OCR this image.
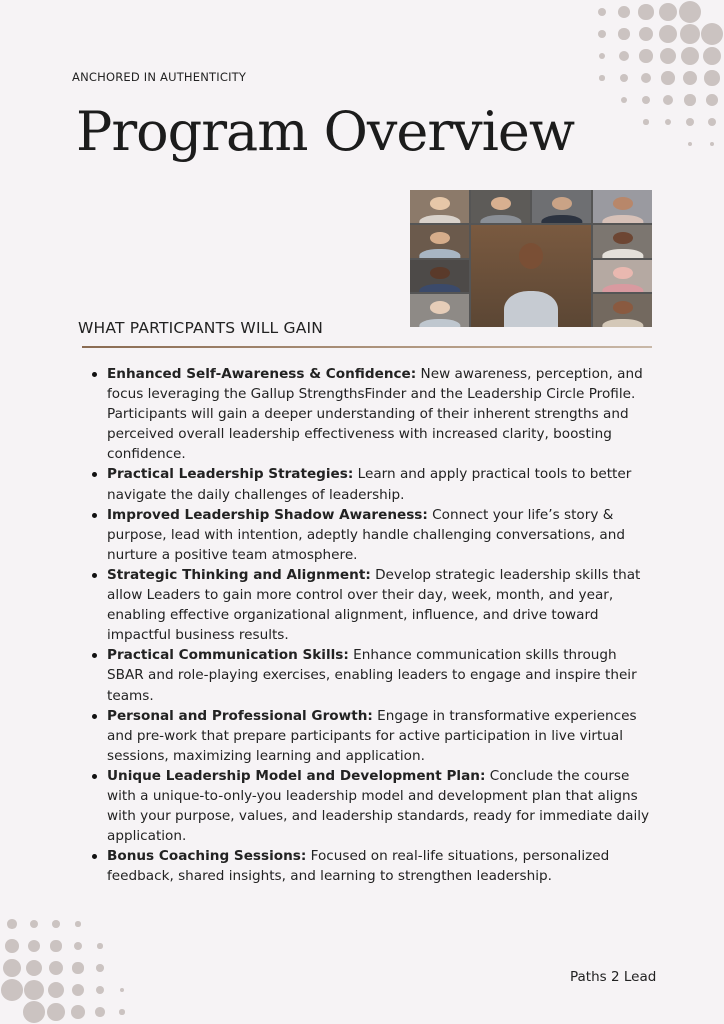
ANCHORED IN AUTHENTICITY
Program Overview
WHAT PARTICPANTS WILL GAIN
Enhanced Self-Awareness & Confidence: New awareness, perception, and focus leveraging the Gallup StrengthsFinder and the Leadership Circle Profile. Participants will gain a deeper understanding of their inherent strengths and perceived overall leadership effectiveness with increased clarity, boosting confidence.
Practical Leadership Strategies: Learn and apply practical tools to better navigate the daily challenges of leadership.
Improved Leadership Shadow Awareness: Connect your life’s story & purpose, lead with intention, adeptly handle challenging conversations, and nurture a positive team atmosphere.
Strategic Thinking and Alignment: Develop strategic leadership skills that allow Leaders to gain more control over their day, week, month, and year, enabling effective organizational alignment, influence, and drive toward impactful business results.
Practical Communication Skills: Enhance communication skills through SBAR and role-playing exercises, enabling leaders to engage and inspire their teams.
Personal and Professional Growth: Engage in transformative experiences and pre-work that prepare participants for active participation in live virtual sessions, maximizing learning and application.
Unique Leadership Model and Development Plan: Conclude the course with a unique-to-only-you leadership model and development plan that aligns with your purpose, values, and leadership standards, ready for immediate daily application.
Bonus Coaching Sessions: Focused on real-life situations, personalized feedback, shared insights, and learning to strengthen leadership.
Paths 2 Lead
